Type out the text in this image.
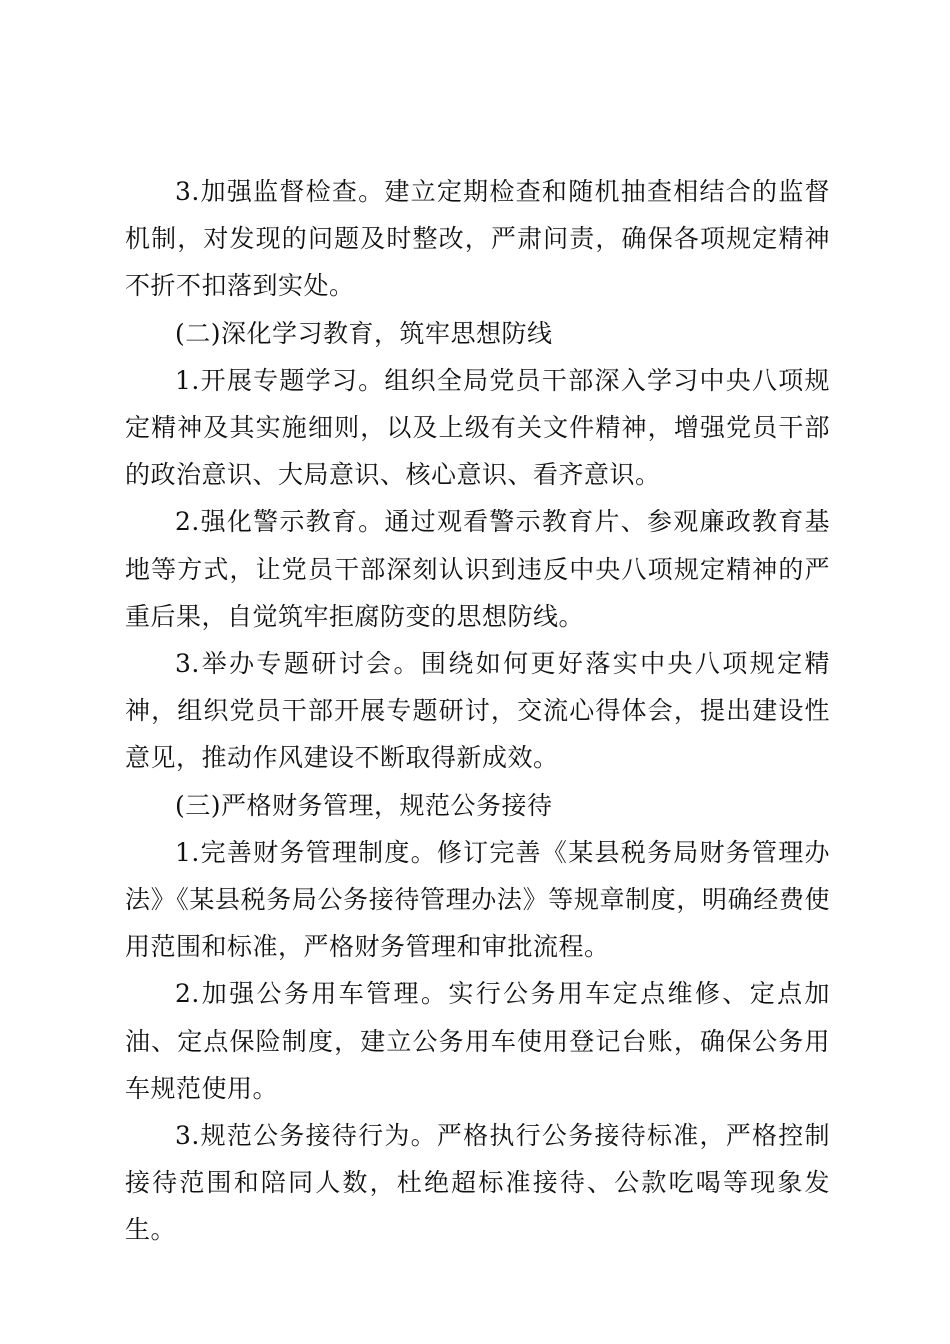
3.加强监督检查。建立定期检查和随机抽查相结合的监督机制，对发现的问题及时整改，严肃问责，确保各项规定精神不折不扣落到实处。

(二)深化学习教育，筑牢思想防线

1.开展专题学习。组织全局党员干部深入学习中央八项规定精神及其实施细则，以及上级有关文件精神，增强党员干部的政治意识、大局意识、核心意识、看齐意识。

2.强化警示教育。通过观看警示教育片、参观廉政教育基地等方式，让党员干部深刻认识到违反中央八项规定精神的严重后果，自觉筑牢拒腐防变的思想防线。

3.举办专题研讨会。围绕如何更好落实中央八项规定精神，组织党员干部开展专题研讨，交流心得体会，提出建设性意见，推动作风建设不断取得新成效。

(三)严格财务管理，规范公务接待

1.完善财务管理制度。修订完善《某县税务局财务管理办法》《某县税务局公务接待管理办法》等规章制度，明确经费使用范围和标准，严格财务管理和审批流程。

2.加强公务用车管理。实行公务用车定点维修、定点加油、定点保险制度，建立公务用车使用登记台账，确保公务用车规范使用。

3.规范公务接待行为。严格执行公务接待标准，严格控制接待范围和陪同人数，杜绝超标准接待、公款吃喝等现象发生。
